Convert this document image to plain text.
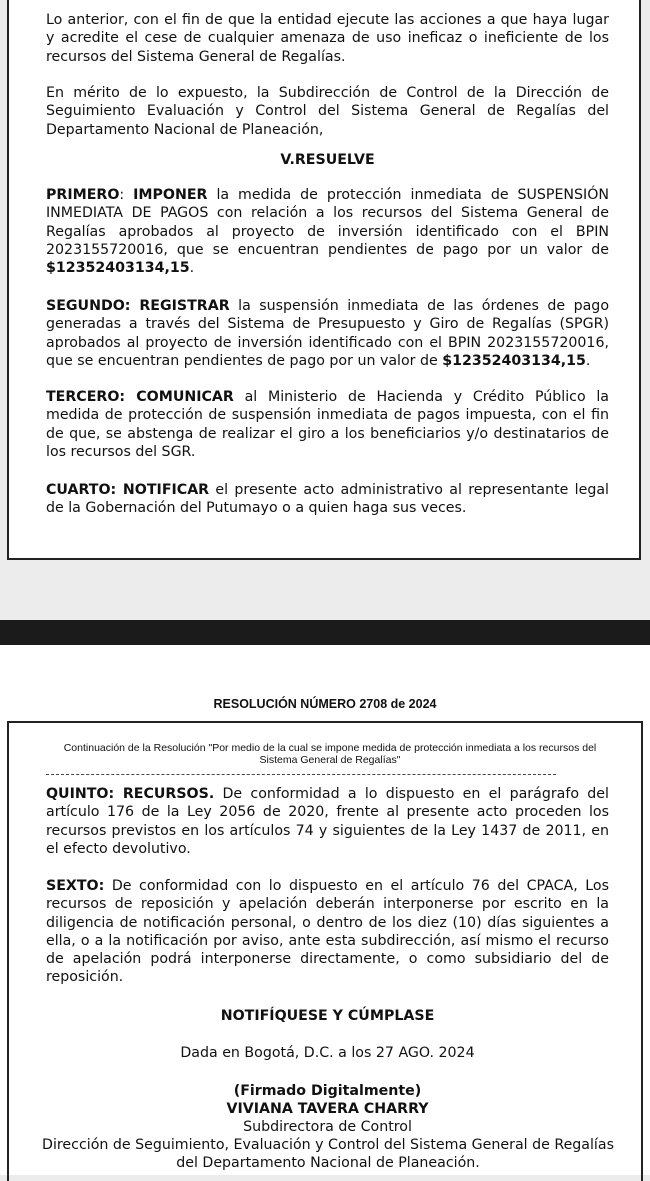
Lo anterior, con el fin de que la entidad ejecute las acciones a que haya lugar y acredite el cese de cualquier amenaza de uso ineficaz o ineficiente de los recursos del Sistema General de Regalías.

En mérito de lo expuesto, la Subdirección de Control de la Dirección de Seguimiento Evaluación y Control del Sistema General de Regalías del Departamento Nacional de Planeación,

V.RESUELVE

PRIMERO: IMPONER la medida de protección inmediata de SUSPENSIÓN INMEDIATA DE PAGOS con relación a los recursos del Sistema General de Regalías aprobados al proyecto de inversión identificado con el BPIN 2023155720016, que se encuentran pendientes de pago por un valor de $12352403134,15.

SEGUNDO: REGISTRAR la suspensión inmediata de las órdenes de pago generadas a través del Sistema de Presupuesto y Giro de Regalías (SPGR) aprobados al proyecto de inversión identificado con el BPIN 2023155720016, que se encuentran pendientes de pago por un valor de $12352403134,15.

TERCERO: COMUNICAR al Ministerio de Hacienda y Crédito Público la medida de protección de suspensión inmediata de pagos impuesta, con el fin de que, se abstenga de realizar el giro a los beneficiarios y/o destinatarios de los recursos del SGR.

CUARTO: NOTIFICAR el presente acto administrativo al representante legal de la Gobernación del Putumayo o a quien haga sus veces.

RESOLUCIÓN NÚMERO 2708 de 2024
Continuación de la Resolución "Por medio de la cual se impone medida de protección inmediata a los recursos del Sistema General de Regalías"

QUINTO: RECURSOS. De conformidad a lo dispuesto en el parágrafo del artículo 176 de la Ley 2056 de 2020, frente al presente acto proceden los recursos previstos en los artículos 74 y siguientes de la Ley 1437 de 2011, en el efecto devolutivo.

SEXTO: De conformidad con lo dispuesto en el artículo 76 del CPACA, Los recursos de reposición y apelación deberán interponerse por escrito en la diligencia de notificación personal, o dentro de los diez (10) días siguientes a ella, o a la notificación por aviso, ante esta subdirección, así mismo el recurso de apelación podrá interponerse directamente, o como subsidiario del de reposición.

NOTIFÍQUESE Y CÚMPLASE

Dada en Bogotá, D.C. a los 27 AGO. 2024

(Firmado Digitalmente)

VIVIANA TAVERA CHARRY

Subdirectora de Control

Dirección de Seguimiento, Evaluación y Control del Sistema General de Regalías del Departamento Nacional de Planeación.
